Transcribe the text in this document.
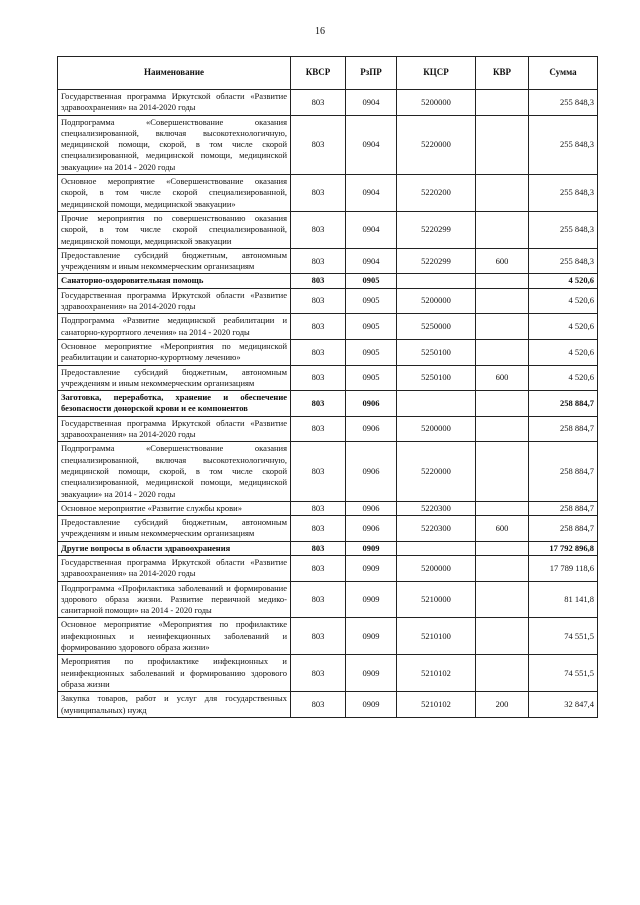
16
Наименование	КВСР	РзПР	КЦСР	КВР	Сумма
Государственная программа Иркутской области «Развитие здравоохранения» на 2014-2020 годы	803	0904	5200000		255 848,3
Подпрограмма «Совершенствование оказания специализированной, включая высокотехнологичную, медицинской помощи, скорой, в том числе скорой специализированной, медицинской помощи, медицинской эвакуации» на 2014 - 2020 годы	803	0904	5220000		255 848,3
Основное мероприятие «Совершенствование оказания скорой, в том числе скорой специализированной, медицинской помощи, медицинской эвакуации»	803	0904	5220200		255 848,3
Прочие мероприятия по совершенствованию оказания скорой, в том числе скорой специализированной, медицинской помощи, медицинской эвакуации	803	0904	5220299		255 848,3
Предоставление субсидий бюджетным, автономным учреждениям и иным некоммерческим организациям	803	0904	5220299	600	255 848,3
Санаторно-оздоровительная помощь	803	0905			4 520,6
Государственная программа Иркутской области «Развитие здравоохранения» на 2014-2020 годы	803	0905	5200000		4 520,6
Подпрограмма «Развитие медицинской реабилитации и санаторно-курортного лечения» на 2014 - 2020 годы	803	0905	5250000		4 520,6
Основное мероприятие «Мероприятия по медицинской реабилитации и санаторно-курортному лечению»	803	0905	5250100		4 520,6
Предоставление субсидий бюджетным, автономным учреждениям и иным некоммерческим организациям	803	0905	5250100	600	4 520,6
Заготовка, переработка, хранение и обеспечение безопасности донорской крови и ее компонентов	803	0906			258 884,7
Государственная программа Иркутской области «Развитие здравоохранения» на 2014-2020 годы	803	0906	5200000		258 884,7
Подпрограмма «Совершенствование оказания специализированной, включая высокотехнологичную, медицинской помощи, скорой, в том числе скорой специализированной, медицинской помощи, медицинской эвакуации» на 2014 - 2020 годы	803	0906	5220000		258 884,7
Основное мероприятие «Развитие службы крови»	803	0906	5220300		258 884,7
Предоставление субсидий бюджетным, автономным учреждениям и иным некоммерческим организациям	803	0906	5220300	600	258 884,7
Другие вопросы в области здравоохранения	803	0909			17 792 896,8
Государственная программа Иркутской области «Развитие здравоохранения» на 2014-2020 годы	803	0909	5200000		17 789 118,6
Подпрограмма «Профилактика заболеваний и формирование здорового образа жизни. Развитие первичной медико-санитарной помощи» на 2014 - 2020 годы	803	0909	5210000		81 141,8
Основное мероприятие «Мероприятия по профилактике инфекционных и неинфекционных заболеваний и формированию здорового образа жизни»	803	0909	5210100		74 551,5
Мероприятия по профилактике инфекционных и неинфекционных заболеваний и формированию здорового образа жизни	803	0909	5210102		74 551,5
Закупка товаров, работ и услуг для государственных (муниципальных) нужд	803	0909	5210102	200	32 847,4
